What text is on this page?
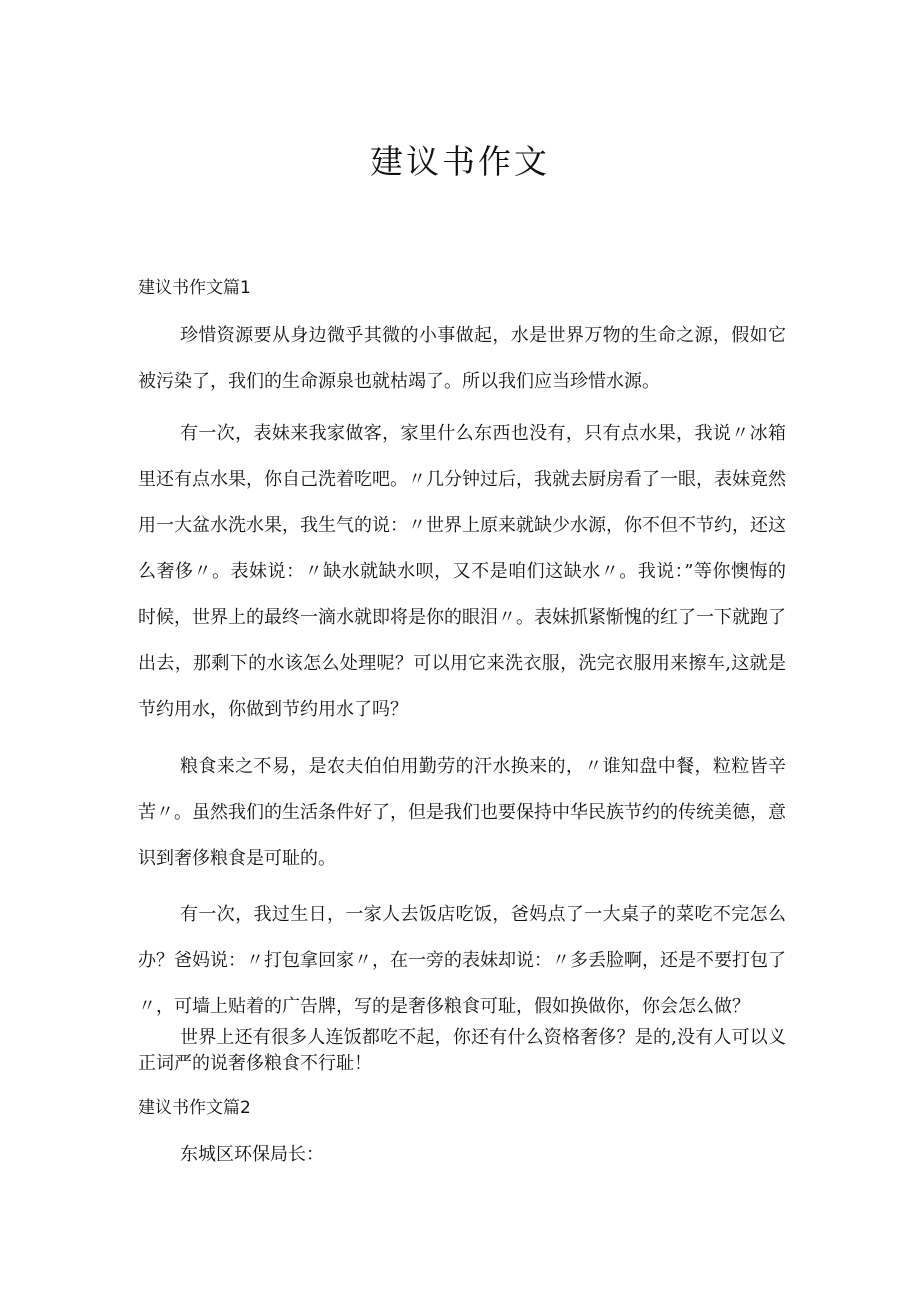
建议书作文
建议书作文篇1

珍惜资源要从身边微乎其微的小事做起，水是世界万物的生命之源，假如它被污染了，我们的生命源泉也就枯竭了。所以我们应当珍惜水源。

有一次，表妹来我家做客，家里什么东西也没有，只有点水果，我说〃冰箱里还有点水果，你自己洗着吃吧。〃几分钟过后，我就去厨房看了一眼，表妹竟然用一大盆水洗水果，我生气的说：〃世界上原来就缺少水源，你不但不节约，还这么奢侈〃。表妹说：〃缺水就缺水呗，又不是咱们这缺水〃。我说：”等你懊悔的时候，世界上的最终一滴水就即将是你的眼泪〃。表妹抓紧惭愧的红了一下就跑了出去，那剩下的水该怎么处理呢？可以用它来洗衣服，洗完衣服用来擦车,这就是节约用水，你做到节约用水了吗？

粮食来之不易，是农夫伯伯用勤劳的汗水换来的，〃谁知盘中餐，粒粒皆辛苦〃。虽然我们的生活条件好了，但是我们也要保持中华民族节约的传统美德，意识到奢侈粮食是可耻的。

有一次，我过生日，一家人去饭店吃饭，爸妈点了一大桌子的菜吃不完怎么办？爸妈说：〃打包拿回家〃，在一旁的表妹却说：〃多丢脸啊，还是不要打包了〃，可墙上贴着的广告牌，写的是奢侈粮食可耻，假如换做你，你会怎么做？

世界上还有很多人连饭都吃不起，你还有什么资格奢侈？是的,没有人可以义正词严的说奢侈粮食不行耻！

建议书作文篇2

东城区环保局长：
